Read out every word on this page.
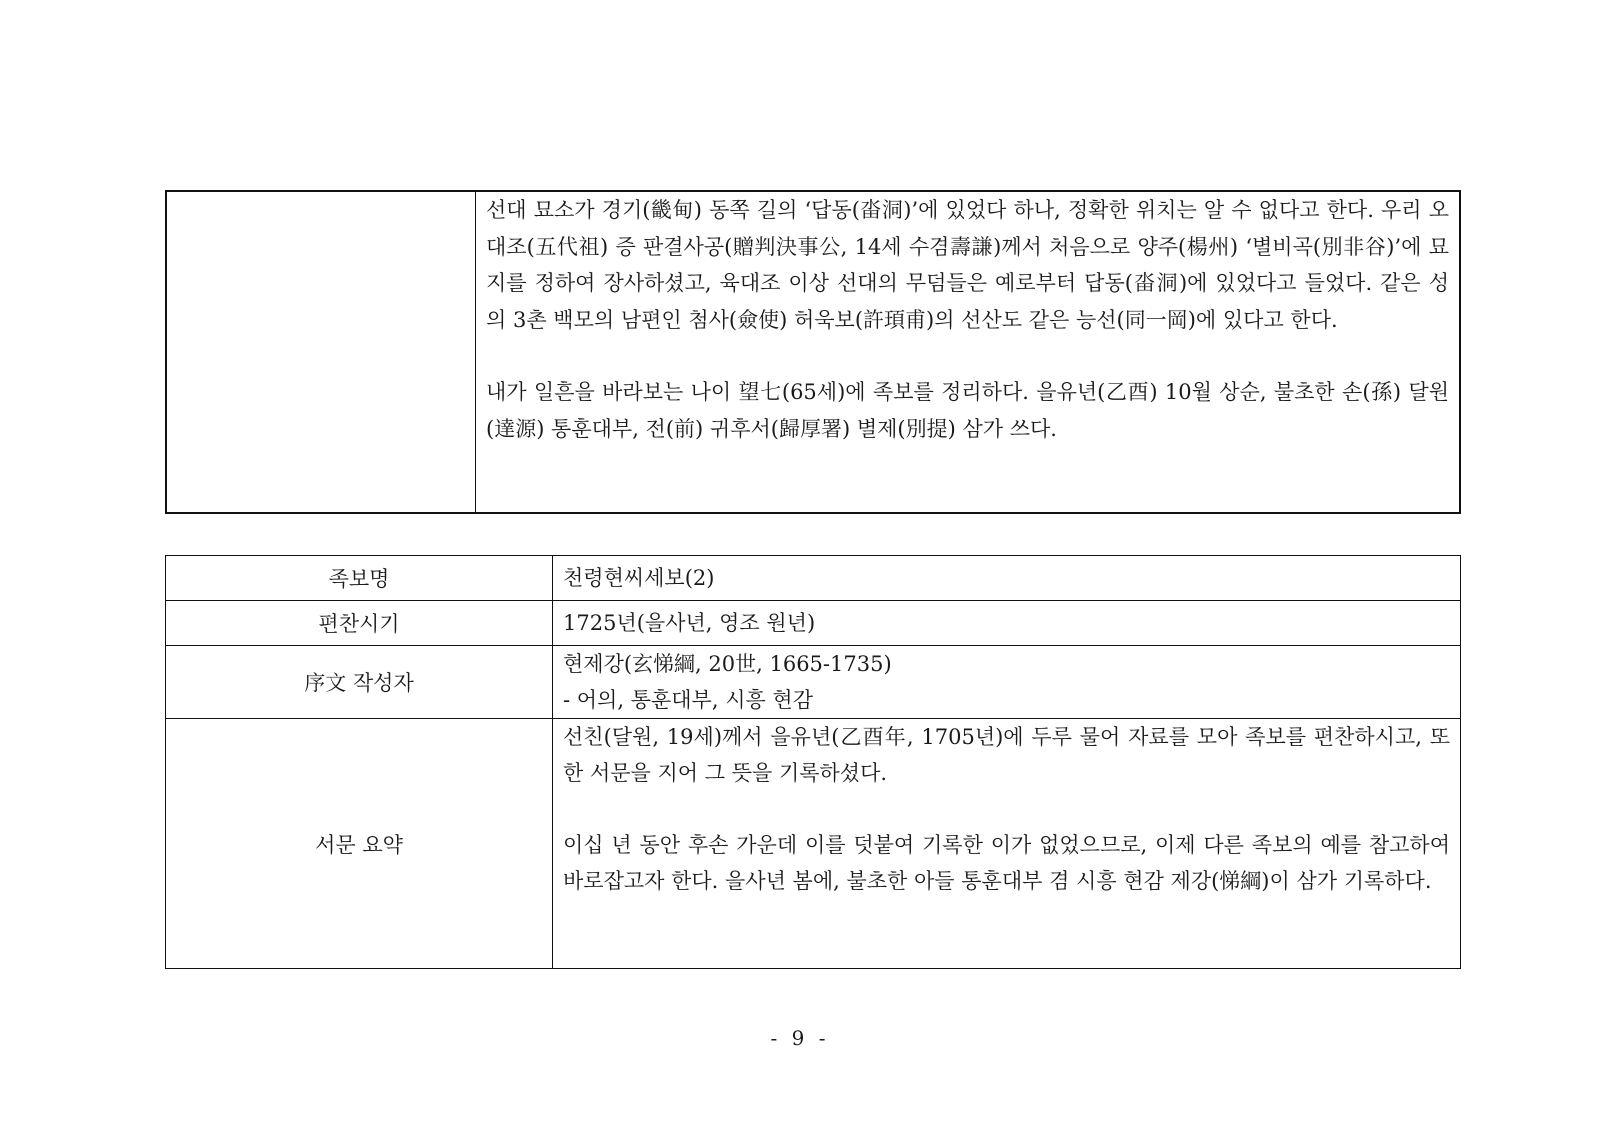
선대 묘소가 경기(畿甸) 동쪽 길의 ‘답동(畓洞)’에 있었다 하나, 정확한 위치는 알 수 없다고 한다. 우리 오대조(五代祖) 증 판결사공(贈判決事公, 14세 수겸壽謙)께서 처음으로 양주(楊州) ‘별비곡(別非谷)’에 묘지를 정하여 장사하셨고, 육대조 이상 선대의 무덤들은 예로부터 답동(畓洞)에 있었다고 들었다. 같은 성의 3촌 백모의 남편인 첨사(僉使) 허욱보(許頊甫)의 선산도 같은 능선(同一岡)에 있다고 한다.

내가 일흔을 바라보는 나이 望七(65세)에 족보를 정리하다. 을유년(乙酉) 10월 상순, 불초한 손(孫) 달원(達源) 통훈대부, 전(前) 귀후서(歸厚署) 별제(別提) 삼가 쓰다.

족보명	천령현씨세보(2)
편찬시기	1725년(을사년, 영조 원년)
序文 작성자	현제강(玄悌綱, 20世, 1665-1735)

- 어의, 통훈대부, 시흥 현감

서문 요약	선친(달원, 19세)께서 을유년(乙酉年, 1705년)에 두루 물어 자료를 모아 족보를 편찬하시고, 또한 서문을 지어 그 뜻을 기록하셨다.

이십 년 동안 후손 가운데 이를 덧붙여 기록한 이가 없었으므로, 이제 다른 족보의 예를 참고하여 바로잡고자 한다. 을사년 봄에, 불초한 아들 통훈대부 겸 시흥 현감 제강(悌綱)이 삼가 기록하다.

- 9 -
